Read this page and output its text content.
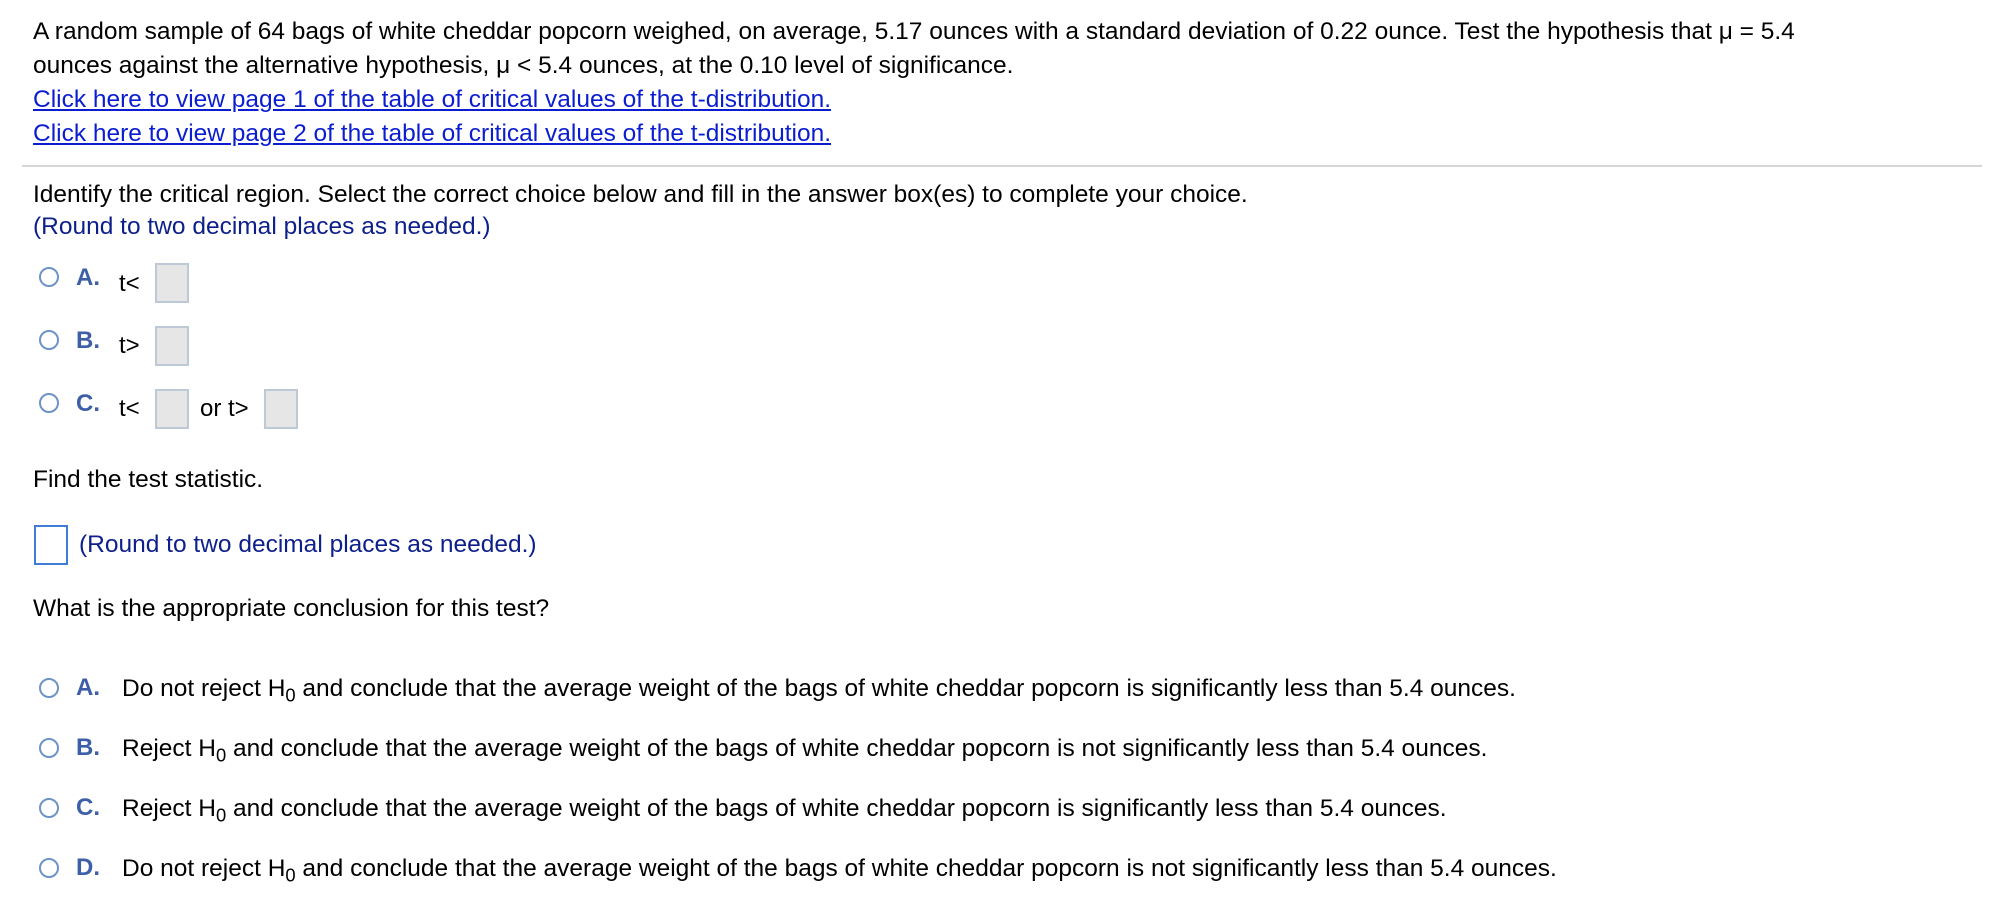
A random sample of 64 bags of white cheddar popcorn weighed, on average, 5.17 ounces with a standard deviation of 0.22 ounce. Test the hypothesis that μ = 5.4
ounces against the alternative hypothesis, μ < 5.4 ounces, at the 0.10 level of significance.
Click here to view page 1 of the table of critical values of the t-distribution.
Click here to view page 2 of the table of critical values of the t-distribution.
Identify the critical region. Select the correct choice below and fill in the answer box(es) to complete your choice.
(Round to two decimal places as needed.)
A. t<
B. t>
C. t<	or t>
Find the test statistic.
(Round to two decimal places as needed.)
What is the appropriate conclusion for this test?
A. Do not reject $H_0$ and conclude that the average weight of the bags of white cheddar popcorn is significantly less than 5.4 ounces.
B. Reject $H_0$ and conclude that the average weight of the bags of white cheddar popcorn is not significantly less than 5.4 ounces.
C. Reject $H_0$ and conclude that the average weight of the bags of white cheddar popcorn is significantly less than 5.4 ounces.
D. Do not reject $H_0$ and conclude that the average weight of the bags of white cheddar popcorn is not significantly less than 5.4 ounces.
